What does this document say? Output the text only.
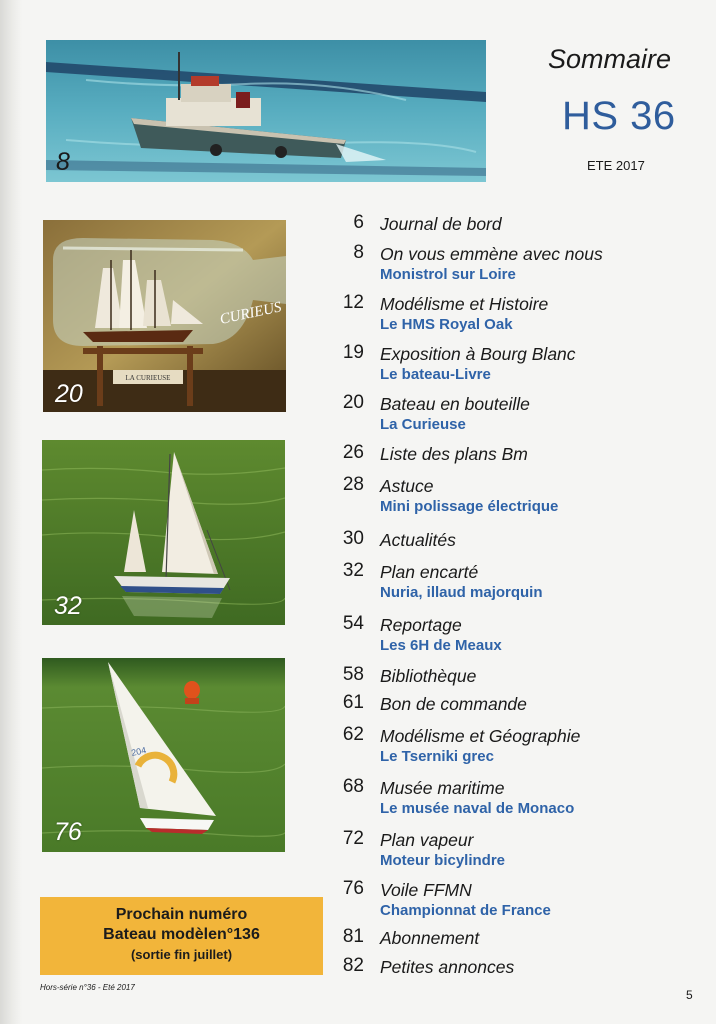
Sommaire
HS 36
ETE 2017
8
CURIEUS
LA CURIEUSE
20
32
204
76
6 Journal de bord
8 On vous emmène avec nous
Monistrol sur Loire
12 Modélisme et Histoire
Le HMS Royal Oak
19 Exposition à Bourg Blanc
Le bateau-Livre
20 Bateau en bouteille
La Curieuse
26 Liste des plans Bm
28 Astuce
Mini polissage électrique
30 Actualités
32 Plan encarté
Nuria, illaud majorquin
54 Reportage
Les 6H de Meaux
58 Bibliothèque
61 Bon de commande
62 Modélisme et Géographie
Le Tserniki grec
68 Musée maritime
Le musée naval de Monaco
72 Plan vapeur
Moteur bicylindre
76 Voile FFMN
Championnat de France
81 Abonnement
82 Petites annonces
Prochain numéro
Bateau modèlen°136
(sortie fin juillet)
Hors-série n°36 - Eté 2017
5
